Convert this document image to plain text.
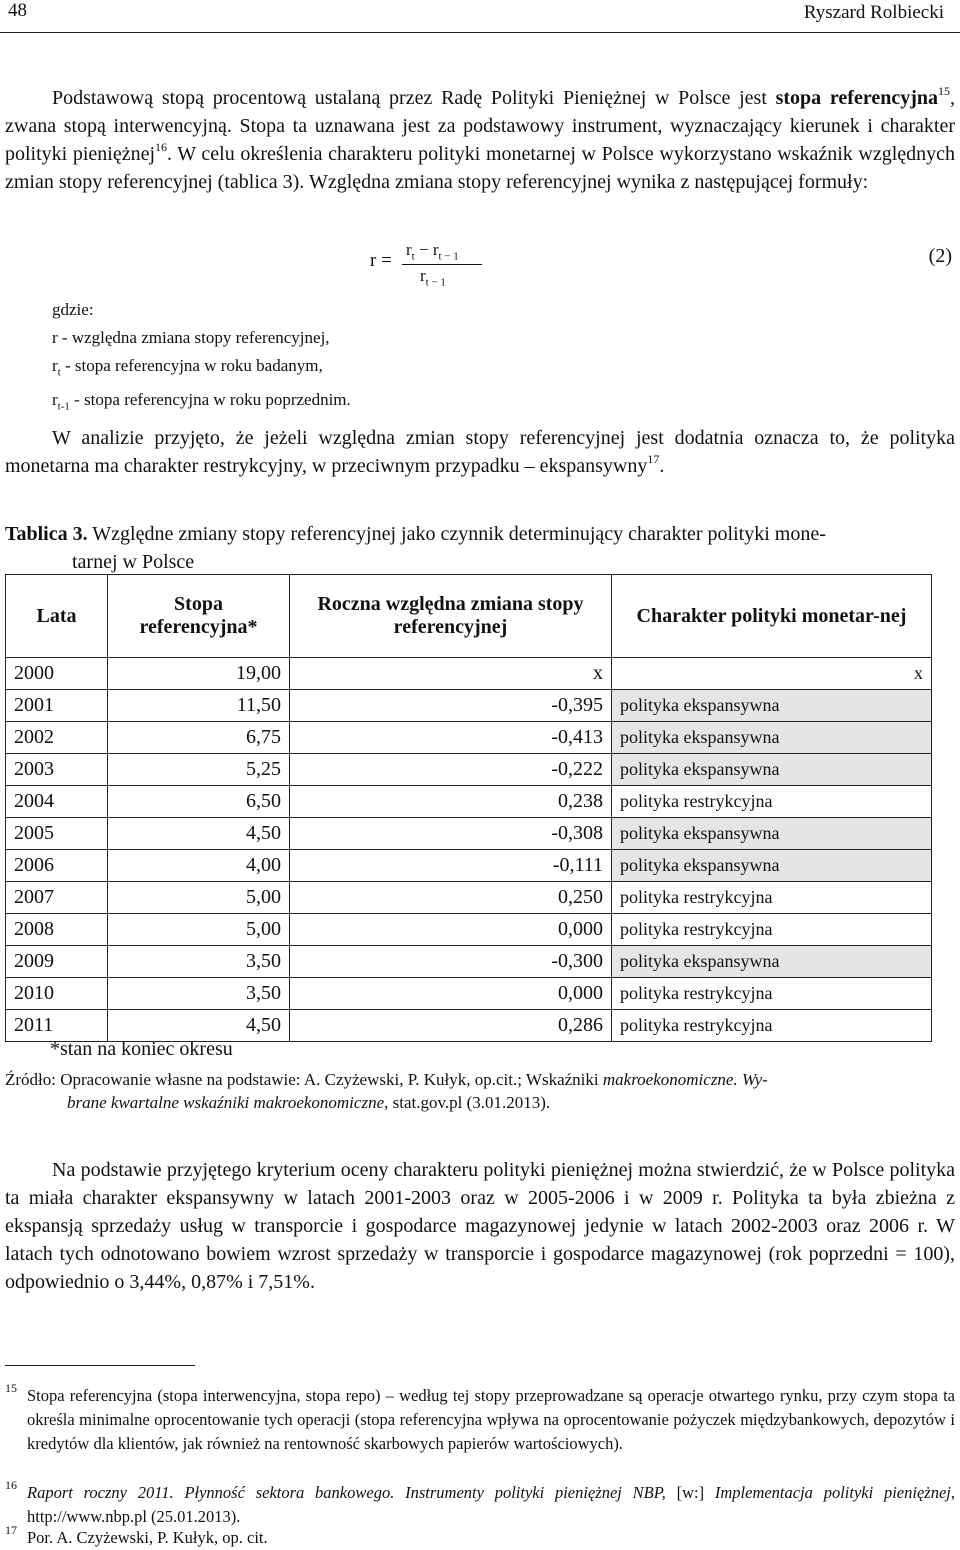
48	Ryszard Rolbiecki

Podstawową stopą procentową ustalaną przez Radę Polityki Pieniężnej w Polsce jest stopa referencyjna$^{15}$, zwana stopą interwencyjną. Stopa ta uznawana jest za podstawowy instrument, wyznaczający kierunek i charakter polityki pieniężnej$^{16}$. W celu określenia charakteru polityki monetarnej w Polsce wykorzystano wskaźnik względnych zmian stopy referencyjnej (tablica 3). Względna zmiana stopy referencyjnej wynika z następującej formuły:

r =
$r_t - r_{t - 1}$
$r_{t - 1}$
(2)
gdzie:
r - względna zmiana stopy referencyjnej,
$r_t$ - stopa referencyjna w roku badanym,
$r_{t-1}$ - stopa referencyjna w roku poprzednim.

W analizie przyjęto, że jeżeli względna zmian stopy referencyjnej jest dodatnia oznacza to, że polityka monetarna ma charakter restrykcyjny, w przeciwnym przypadku – ekspansywny$^{17}$.

Tablica 3. Względne zmiany stopy referencyjnej jako czynnik determinujący charakter polityki mone-
tarnej w Polsce
Lata	Stopa referencyjna*	Roczna względna zmiana stopy referencyjnej	Charakter polityki monetar-nej
2000	19,00	x	x
2001	11,50	-0,395	polityka ekspansywna
2002	6,75	-0,413	polityka ekspansywna
2003	5,25	-0,222	polityka ekspansywna
2004	6,50	0,238	polityka restrykcyjna
2005	4,50	-0,308	polityka ekspansywna
2006	4,00	-0,111	polityka ekspansywna
2007	5,00	0,250	polityka restrykcyjna
2008	5,00	0,000	polityka restrykcyjna
2009	3,50	-0,300	polityka ekspansywna
2010	3,50	0,000	polityka restrykcyjna
2011	4,50	0,286	polityka restrykcyjna
*stan na koniec okresu
Źródło: Opracowanie własne na podstawie: A. Czyżewski, P. Kułyk, op.cit.; Wskaźniki makroekonomiczne. Wy-
brane kwartalne wskaźniki makroekonomiczne, stat.gov.pl (3.01.2013).

Na podstawie przyjętego kryterium oceny charakteru polityki pieniężnej można stwierdzić, że w Polsce polityka ta miała charakter ekspansywny w latach 2001-2003 oraz w 2005-2006 i w 2009 r. Polityka ta była zbieżna z ekspansją sprzedaży usług w transporcie i gospodarce magazynowej jedynie w latach 2002-2003 oraz 2006 r. W latach tych odnotowano bowiem wzrost sprzedaży w transporcie i gospodarce magazynowej (rok poprzedni = 100), odpowiednio o 3,44%, 0,87% i 7,51%.

15 Stopa referencyjna (stopa interwencyjna, stopa repo) – według tej stopy przeprowadzane są operacje otwartego rynku, przy czym stopa ta określa minimalne oprocentowanie tych operacji (stopa referencyjna wpływa na oprocentowanie pożyczek międzybankowych, depozytów i kredytów dla klientów, jak również na rentowność skarbowych papierów wartościowych).
16 Raport roczny 2011. Płynność sektora bankowego. Instrumenty polityki pieniężnej NBP, [w:] Implementacja polityki pieniężnej, http://www.nbp.pl (25.01.2013).
17 Por. A. Czyżewski, P. Kułyk, op. cit.
